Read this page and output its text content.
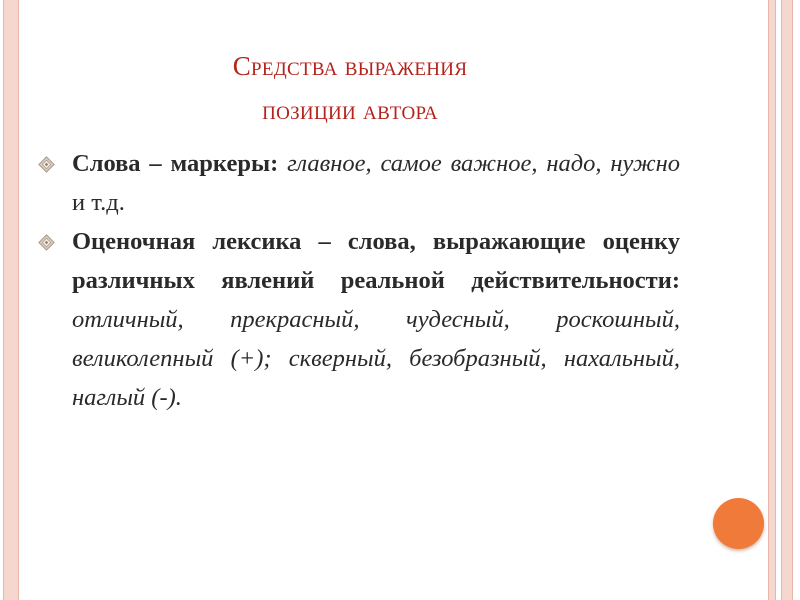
Средства выражения
позиции автора
Слова – маркеры: главное, самое важное, надо, нужно и т.д.
Оценочная лексика – слова, выражающие оценку различных явлений реальной действительности: отличный, прекрасный, чудесный, роскошный, великолепный (+); скверный, безобразный, нахальный, наглый (-).
